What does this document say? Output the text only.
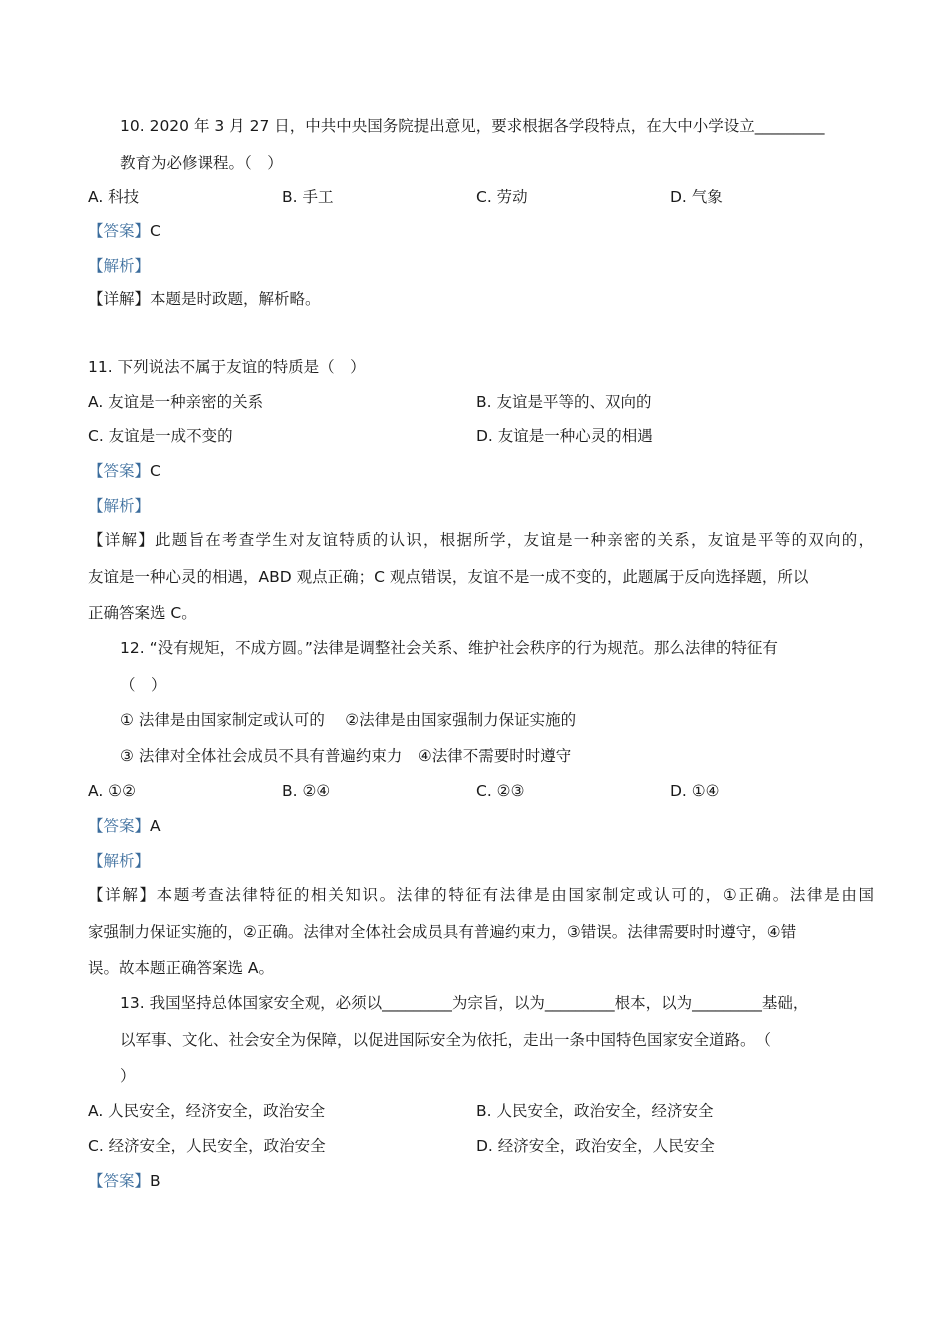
10. 2020 年 3 月 27 日，中共中央国务院提出意见，要求根据各学段特点，在大中小学设立_________
教育为必修课程。（　）
A. 科技	B. 手工	C. 劳动	D. 气象
【答案】C
【解析】
【详解】本题是时政题，解析略。
11. 下列说法不属于友谊的特质是（　）
A. 友谊是一种亲密的关系	B. 友谊是平等的、双向的
C. 友谊是一成不变的	D. 友谊是一种心灵的相遇
【答案】C
【解析】
【详解】此题旨在考查学生对友谊特质的认识，根据所学，友谊是一种亲密的关系，友谊是平等的双向的，
友谊是一种心灵的相遇，ABD 观点正确；C 观点错误，友谊不是一成不变的，此题属于反向选择题，所以
正确答案选 C。
12. “没有规矩，不成方圆。”法律是调整社会关系、维护社会秩序的行为规范。那么法律的特征有
（　）
① 法律是由国家制定或认可的　 ②法律是由国家强制力保证实施的
③ 法律对全体社会成员不具有普遍约束力　④法律不需要时时遵守
A. ①②	B. ②④	C. ②③	D. ①④
【答案】A
【解析】
【详解】本题考查法律特征的相关知识。法律的特征有法律是由国家制定或认可的，①正确。法律是由国
家强制力保证实施的，②正确。法律对全体社会成员具有普遍约束力，③错误。法律需要时时遵守，④错
误。故本题正确答案选 A。
13. 我国坚持总体国家安全观，必须以_________为宗旨，以为_________根本，以为_________基础，
以军事、文化、社会安全为保障，以促进国际安全为依托，走出一条中国特色国家安全道路。　（
）
A. 人民安全，经济安全，政治安全	B. 人民安全，政治安全，经济安全
C. 经济安全，人民安全，政治安全	D. 经济安全，政治安全，人民安全
【答案】B
